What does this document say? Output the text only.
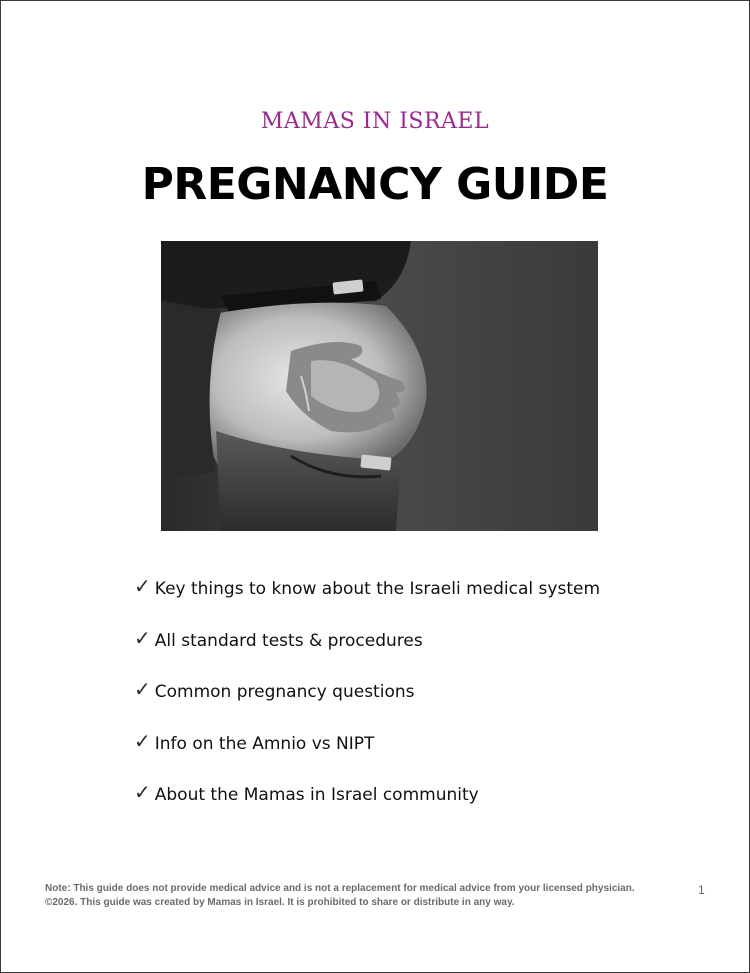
MAMAS IN ISRAEL
PREGNANCY GUIDE
✓ Key things to know about the Israeli medical system
✓ All standard tests & procedures
✓ Common pregnancy questions
✓ Info on the Amnio vs NIPT
✓ About the Mamas in Israel community
Note: This guide does not provide medical advice and is not a replacement for medical advice from your licensed physician.
©2026. This guide was created by Mamas in Israel. It is prohibited to share or distribute in any way.
1
